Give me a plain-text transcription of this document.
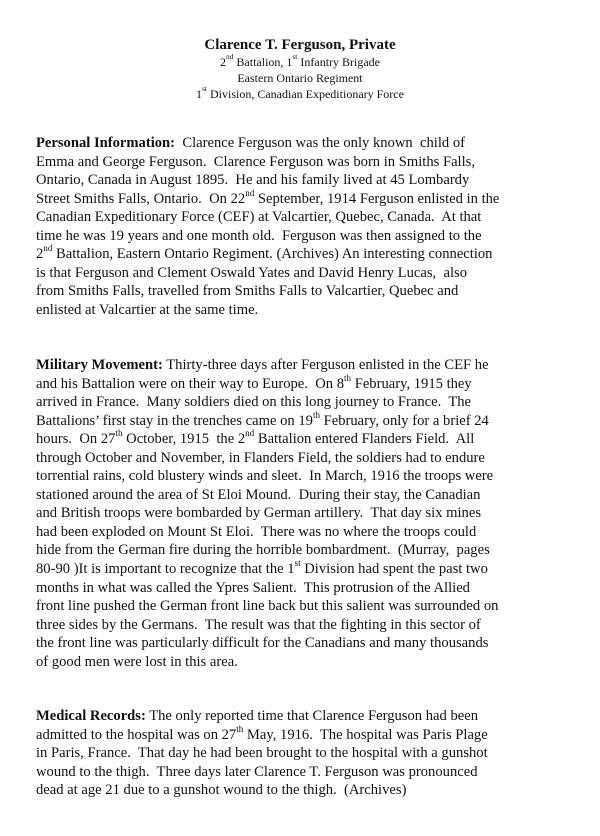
Clarence T. Ferguson, Private
2nd Battalion, 1st Infantry Brigade
Eastern Ontario Regiment
1st Division, Canadian Expeditionary Force
Personal Information:  Clarence Ferguson was the only known  child of
Emma and George Ferguson.  Clarence Ferguson was born in Smiths Falls,
Ontario, Canada in August 1895.  He and his family lived at 45 Lombardy
Street Smiths Falls, Ontario.  On 22nd September, 1914 Ferguson enlisted in the
Canadian Expeditionary Force (CEF) at Valcartier, Quebec, Canada.  At that
time he was 19 years and one month old.  Ferguson was then assigned to the
2nd Battalion, Eastern Ontario Regiment. (Archives) An interesting connection
is that Ferguson and Clement Oswald Yates and David Henry Lucas,  also
from Smiths Falls, travelled from Smiths Falls to Valcartier, Quebec and
enlisted at Valcartier at the same time.
Military Movement: Thirty-three days after Ferguson enlisted in the CEF he
and his Battalion were on their way to Europe.  On 8th February, 1915 they
arrived in France.  Many soldiers died on this long journey to France.  The
Battalions’ first stay in the trenches came on 19th February, only for a brief 24
hours.  On 27th October, 1915  the 2nd Battalion entered Flanders Field.  All
through October and November, in Flanders Field, the soldiers had to endure
torrential rains, cold blustery winds and sleet.  In March, 1916 the troops were
stationed around the area of St Eloi Mound.  During their stay, the Canadian
and British troops were bombarded by German artillery.  That day six mines
had been exploded on Mount St Eloi.  There was no where the troops could
hide from the German fire during the horrible bombardment.  (Murray,  pages
80-90 )It is important to recognize that the 1st Division had spent the past two
months in what was called the Ypres Salient.  This protrusion of the Allied
front line pushed the German front line back but this salient was surrounded on
three sides by the Germans.  The result was that the fighting in this sector of
the front line was particularly difficult for the Canadians and many thousands
of good men were lost in this area.
Medical Records: The only reported time that Clarence Ferguson had been
admitted to the hospital was on 27th May, 1916.  The hospital was Paris Plage
in Paris, France.  That day he had been brought to the hospital with a gunshot
wound to the thigh.  Three days later Clarence T. Ferguson was pronounced
dead at age 21 due to a gunshot wound to the thigh.  (Archives)
